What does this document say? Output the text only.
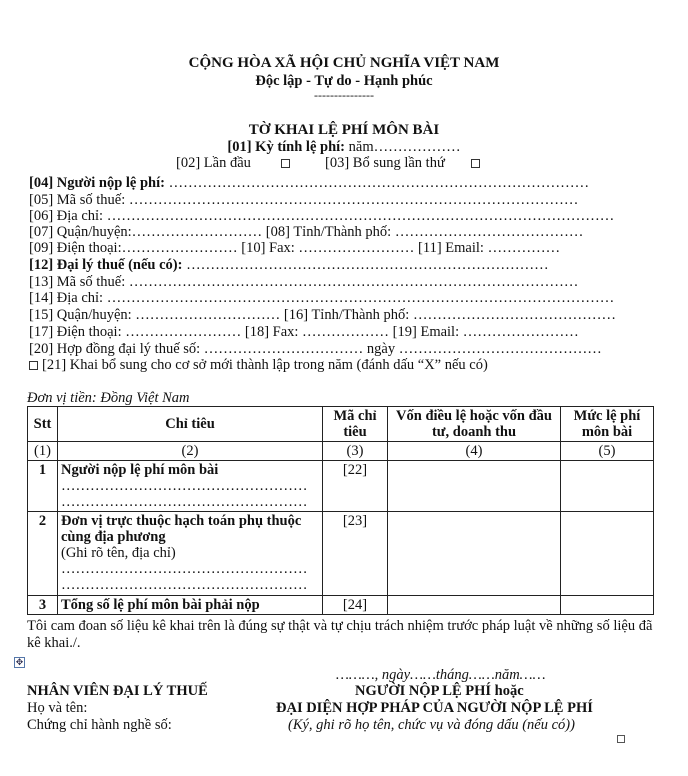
CỘNG HÒA XÃ HỘI CHỦ NGHĨA VIỆT NAM
Độc lập - Tự do - Hạnh phúc
---------------
TỜ KHAI LỆ PHÍ MÔN BÀI
[01] Kỳ tính lệ phí: năm………………
[02] Lần đầu	[03] Bổ sung lần thứ
[04] Người nộp lệ phí: ……………………………………………………………………………
[05] Mã số thuế: …………………………………………………………………………………
[06] Địa chỉ: ……………………………………………………………………………………………
[07] Quận/huyện:……………………… [08] Tỉnh/Thành phố: …………………………………
[09] Điện thoại:…………………… [10] Fax: …………………… [11] Email: ……………
[12] Đại lý thuế (nếu có): …………………………………………………………………
[13] Mã số thuế: …………………………………………………………………………………
[14] Địa chỉ: ……………………………………………………………………………………………
[15] Quận/huyện: ………………………… [16] Tỉnh/Thành phố: ……………………………………
[17] Điện thoại: …………………… [18] Fax: ……………… [19] Email: ……………………
[20] Hợp đồng đại lý thuế số: …………………………… ngày ……………………………………
[21] Khai bổ sung cho cơ sở mới thành lập trong năm (đánh dấu “X” nếu có)
Đơn vị tiền: Đồng Việt Nam
Stt	Chỉ tiêu	Mã chỉ tiêu	Vốn điều lệ hoặc vốn đầu tư, doanh thu	Mức lệ phí môn bài
(1)	(2)	(3)	(4)	(5)
1	Người nộp lệ phí môn bài
……………………………………………
……………………………………………	[22]		
2	Đơn vị trực thuộc hạch toán phụ thuộc cùng địa phương
(Ghi rõ tên, địa chỉ)
……………………………………………
……………………………………………	[23]		
3	Tổng số lệ phí môn bài phải nộp	[24]		
Tôi cam đoan số liệu kê khai trên là đúng sự thật và tự chịu trách nhiệm trước pháp luật về những số liệu đã kê khai./.
✥
………, ngày……tháng……năm……
NHÂN VIÊN ĐẠI LÝ THUẾ
Họ và tên:
Chứng chỉ hành nghề số:
NGƯỜI NỘP LỆ PHÍ hoặc
ĐẠI DIỆN HỢP PHÁP CỦA NGƯỜI NỘP LỆ PHÍ
(Ký, ghi rõ họ tên, chức vụ và đóng dấu (nếu có))
